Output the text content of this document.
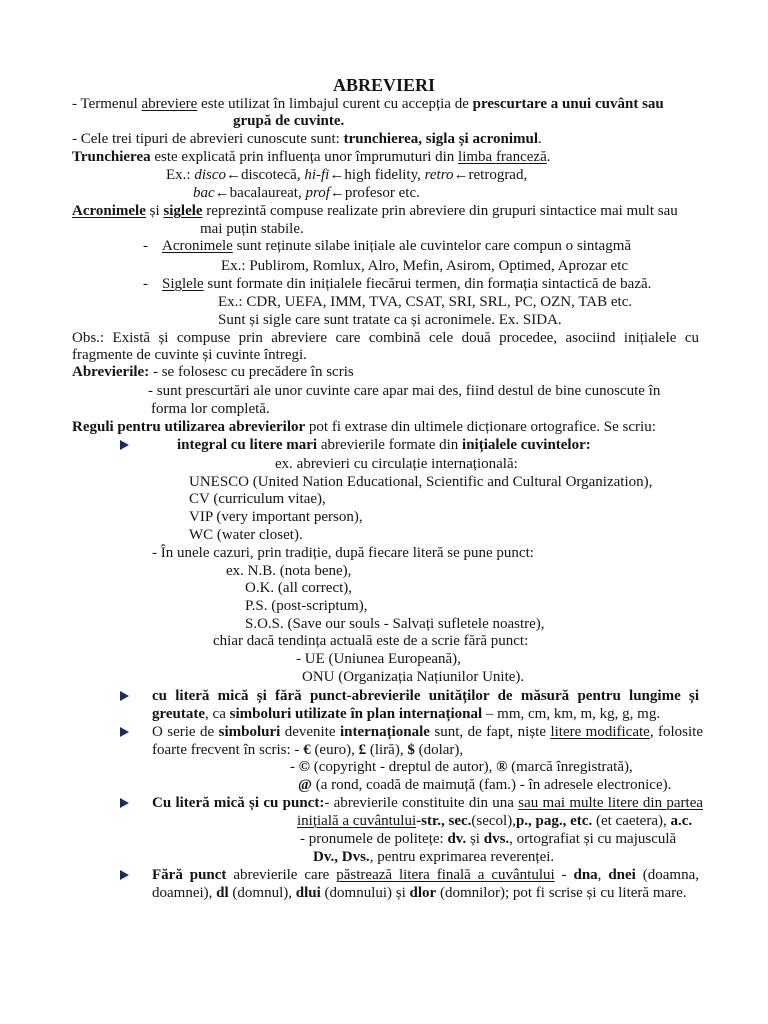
ABREVIERI
- Termenul abreviere este utilizat în limbajul curent cu accepția de prescurtare a unui cuvânt sau
grupă de cuvinte.
- Cele trei tipuri de abrevieri cunoscute sunt: trunchierea, sigla și acronimul.
Trunchierea este explicată prin influența unor împrumuturi din limba franceză.
Ex.: disco←discotecă, hi-fi←high fidelity, retro←retrograd,
bac←bacalaureat, prof←profesor etc.
Acronimele și siglele reprezintă compuse realizate prin abreviere din grupuri sintactice mai mult sau
mai puțin stabile.
- Acronimele sunt reținute silabe inițiale ale cuvintelor care compun o sintagmă
Ex.: Publirom, Romlux, Alro, Mefin, Asirom, Optimed, Aprozar etc
- Siglele sunt formate din inițialele fiecărui termen, din formația sintactică de bază.
Ex.: CDR, UEFA, IMM, TVA, CSAT, SRI, SRL, PC, OZN, TAB etc.
Sunt și sigle care sunt tratate ca și acronimele. Ex. SIDA.
Obs.: Există și compuse prin abreviere care combină cele două procedee, asociind inițialele cu
fragmente de cuvinte și cuvinte întregi.
Abrevierile: - se folosesc cu precădere în scris
- sunt prescurtări ale unor cuvinte care apar mai des, fiind destul de bine cunoscute în
forma lor completă.
Reguli pentru utilizarea abrevierilor pot fi extrase din ultimele dicționare ortografice. Se scriu:
integral cu litere mari abrevierile formate din inițialele cuvintelor:
ex. abrevieri cu circulație internațională:
UNESCO (United Nation Educational, Scientific and Cultural Organization),
CV (curriculum vitae),
VIP (very important person),
WC (water closet).
- În unele cazuri, prin tradiție, după fiecare literă se pune punct:
ex. N.B. (nota bene),
O.K. (all correct),
P.S. (post-scriptum),
S.O.S. (Save our souls - Salvați sufletele noastre),
chiar dacă tendința actuală este de a scrie fără punct:
- UE (Uniunea Europeană),
ONU (Organizația Națiunilor Unite).
cu literă mică și fără punct-abrevierile unităților de măsură pentru lungime și
greutate, ca simboluri utilizate în plan internațional – mm, cm, km, m, kg, g, mg.
O serie de simboluri devenite internaționale sunt, de fapt, niște litere modificate, folosite
foarte frecvent în scris: - € (euro), £ (liră), $ (dolar),
- © (copyright - dreptul de autor), ® (marcă înregistrată),
@ (a rond, coadă de maimuță (fam.) - în adresele electronice).
Cu literă mică și cu punct:- abrevierile constituite din una sau mai multe litere din partea
inițială a cuvântului-str., sec.(secol),p., pag., etc. (et caetera), a.c.
- pronumele de politețe: dv. și dvs., ortografiat și cu majusculă
Dv., Dvs., pentru exprimarea reverenței.
Fără punct abrevierile care păstrează litera finală a cuvântului - dna, dnei (doamna,
doamnei), dl (domnul), dlui (domnului) și dlor (domnilor); pot fi scrise și cu literă mare.
